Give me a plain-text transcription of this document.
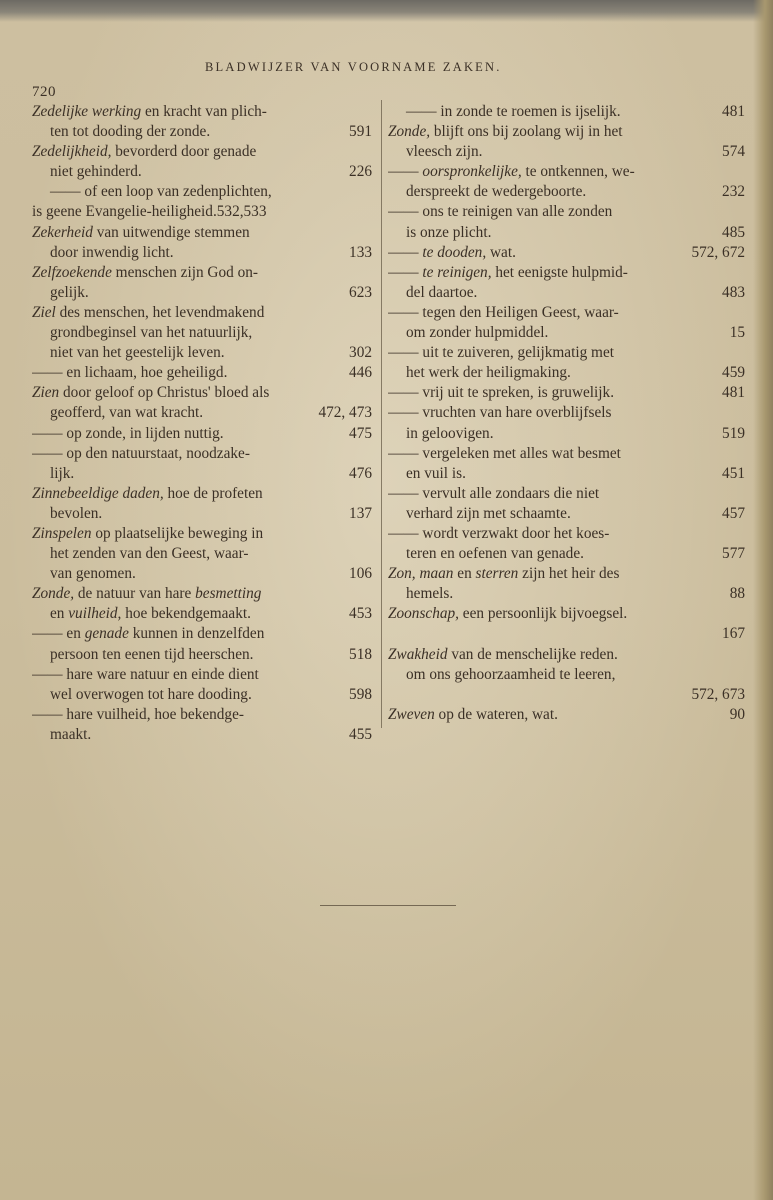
720
BLADWIJZER VAN VOORNAME ZAKEN.
Zedelijke werking en kracht van plich-
ten tot dooding der zonde.	591
Zedelijkheid, bevorderd door genade
niet gehinderd.	226
—— of een loop van zedenplichten,
is geene Evangelie-heiligheid.532,533
Zekerheid van uitwendige stemmen
door inwendig licht.	133
Zelfzoekende menschen zijn God on-
gelijk.	623
Ziel des menschen, het levendmakend
grondbeginsel van het natuurlijk,
niet van het geestelijk leven.	302
—— en lichaam, hoe geheiligd.	446
Zien door geloof op Christus' bloed als
geofferd, van wat kracht.	472, 473
—— op zonde, in lijden nuttig.	475
—— op den natuurstaat, noodzake-
lijk.	476
Zinnebeeldige daden, hoe de profeten
bevolen.	137
Zinspelen op plaatselijke beweging in
het zenden van den Geest, waar-
van genomen.	106
Zonde, de natuur van hare besmetting
en vuilheid, hoe bekendgemaakt.	453
—— en genade kunnen in denzelfden
persoon ten eenen tijd heerschen.	518
—— hare ware natuur en einde dient
wel overwogen tot hare dooding.	598
—— hare vuilheid, hoe bekendge-
maakt.	455
—— in zonde te roemen is ijselijk.	481
Zonde, blijft ons bij zoolang wij in het
vleesch zijn.	574
—— oorspronkelijke, te ontkennen, we-
derspreekt de wedergeboorte.	232
—— ons te reinigen van alle zonden
is onze plicht.	485
—— te dooden, wat.	572, 672
—— te reinigen, het eenigste hulpmid-
del daartoe.	483
—— tegen den Heiligen Geest, waar-
om zonder hulpmiddel.	15
—— uit te zuiveren, gelijkmatig met
het werk der heiligmaking.	459
—— vrij uit te spreken, is gruwelijk.	481
—— vruchten van hare overblijfsels
in geloovigen.	519
—— vergeleken met alles wat besmet
en vuil is.	451
—— vervult alle zondaars die niet
verhard zijn met schaamte.	457
—— wordt verzwakt door het koes-
teren en oefenen van genade.	577
Zon, maan en sterren zijn het heir des
hemels.	88
Zoonschap, een persoonlijk bijvoegsel.
167
Zwakheid van de menschelijke reden.
om ons gehoorzaamheid te leeren,
572, 673
Zweven op de wateren, wat.	90
